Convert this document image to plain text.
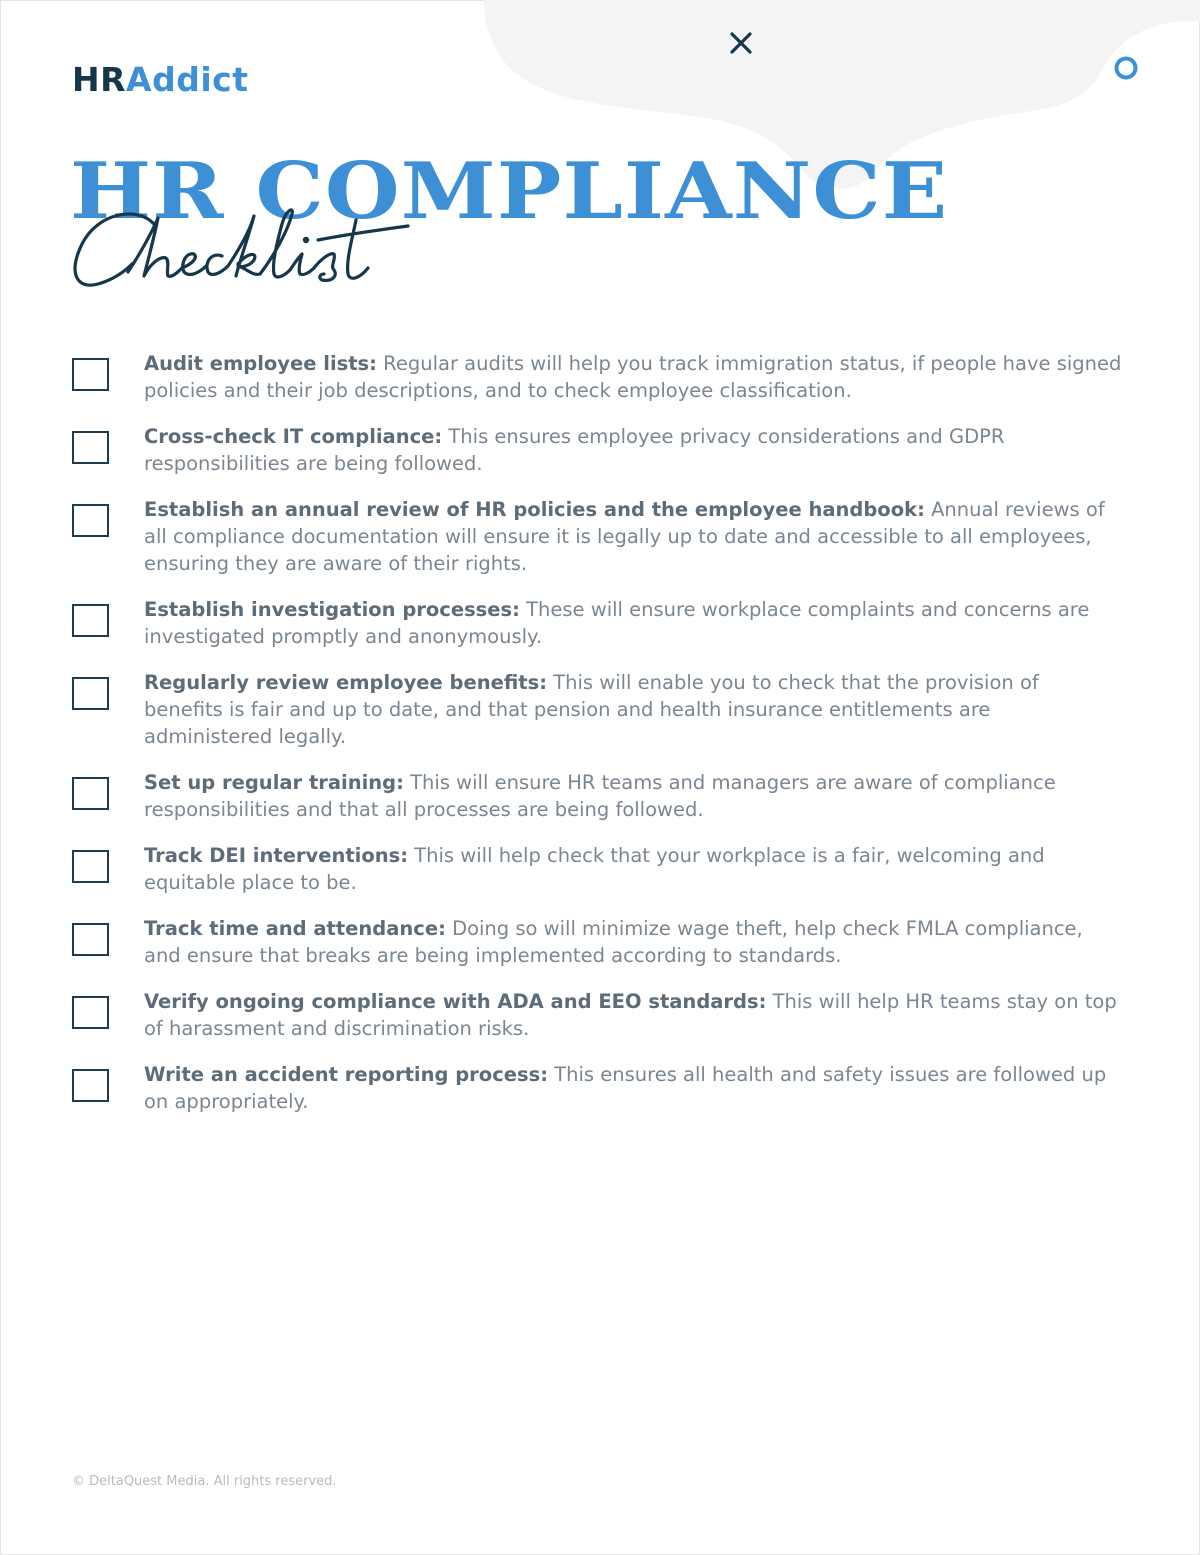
HRAddict
HR COMPLIANCE
Audit employee lists: Regular audits will help you track immigration status, if people have signed policies and their job descriptions, and to check employee classification.
Cross-check IT compliance: This ensures employee privacy considerations and GDPR responsibilities are being followed.
Establish an annual review of HR policies and the employee handbook: Annual reviews of all compliance documentation will ensure it is legally up to date and accessible to all employees, ensuring they are aware of their rights.
Establish investigation processes: These will ensure workplace complaints and concerns are investigated promptly and anonymously.
Regularly review employee benefits: This will enable you to check that the provision of benefits is fair and up to date, and that pension and health insurance entitlements are administered legally.
Set up regular training: This will ensure HR teams and managers are aware of compliance responsibilities and that all processes are being followed.
Track DEI interventions: This will help check that your workplace is a fair, welcoming and equitable place to be.
Track time and attendance: Doing so will minimize wage theft, help check FMLA compliance, and ensure that breaks are being implemented according to standards.
Verify ongoing compliance with ADA and EEO standards: This will help HR teams stay on top of harassment and discrimination risks.
Write an accident reporting process: This ensures all health and safety issues are followed up on appropriately.
© DeltaQuest Media. All rights reserved.
